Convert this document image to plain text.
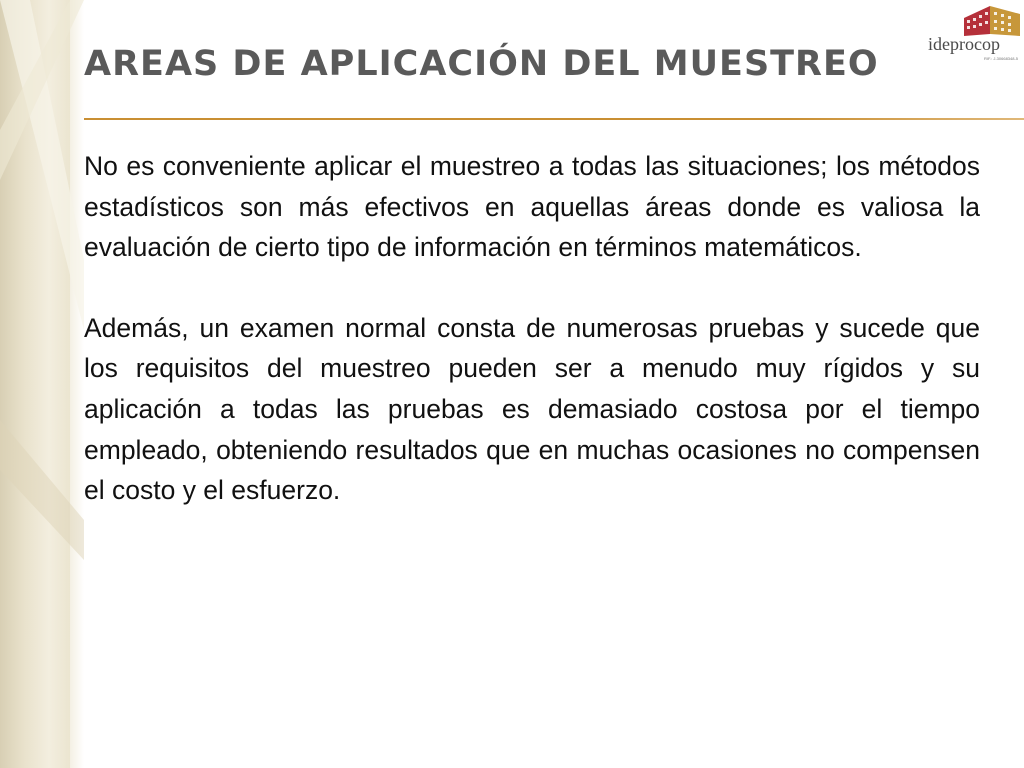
AREAS DE APLICACIÓN DEL MUESTREO	ideprocop
RIF.: J-30668348-5

No es conveniente aplicar el muestreo a todas las situaciones; los métodos estadísticos son más efectivos en aquellas áreas donde es valiosa la evaluación de cierto tipo de información en términos matemáticos.

Además, un examen normal consta de numerosas pruebas y sucede que los requisitos del muestreo pueden ser a menudo muy rígidos y su aplicación a todas las pruebas es demasiado costosa por el tiempo empleado, obteniendo resultados que en muchas ocasiones no compensen el costo y el esfuerzo.
